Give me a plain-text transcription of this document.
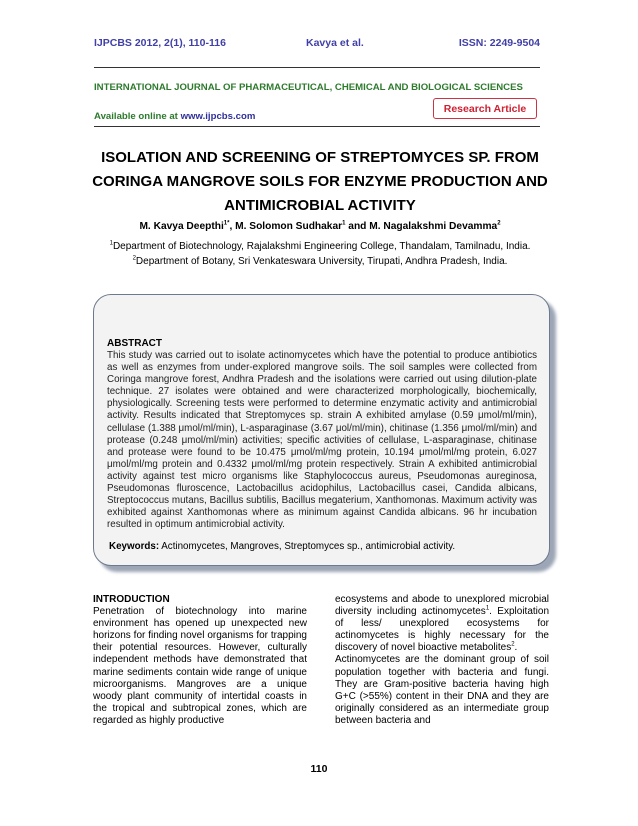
IJPCBS 2012, 2(1), 110-116	Kavya et al.	ISSN: 2249-9504
INTERNATIONAL JOURNAL OF PHARMACEUTICAL, CHEMICAL AND BIOLOGICAL SCIENCES
Available online at www.ijpcbs.com
Research Article
ISOLATION AND SCREENING OF STREPTOMYCES SP. FROM CORINGA MANGROVE SOILS FOR ENZYME PRODUCTION AND ANTIMICROBIAL ACTIVITY
M. Kavya Deepthi$^{1*}$, M. Solomon Sudhakar$^1$ and M. Nagalakshmi Devamma$^2$
$^1$Department of Biotechnology, Rajalakshmi Engineering College, Thandalam, Tamilnadu, India.
$^2$Department of Botany, Sri Venkateswara University, Tirupati, Andhra Pradesh, India.
ABSTRACT
This study was carried out to isolate actinomycetes which have the potential to produce antibiotics as well as enzymes from under-explored mangrove soils. The soil samples were collected from Coringa mangrove forest, Andhra Pradesh and the isolations were carried out using dilution-plate technique. 27 isolates were obtained and were characterized morphologically, biochemically, physiologically. Screening tests were performed to determine enzymatic activity and antimicrobial activity. Results indicated that Streptomyces sp. strain A exhibited amylase (0.59 μmol/ml/min), cellulase (1.388 μmol/ml/min), L-asparaginase (3.67 μol/ml/min), chitinase (1.356 μmol/ml/min) and protease (0.248 μmol/ml/min) activities; specific activities of cellulase, L-asparaginase, chitinase and protease were found to be 10.475 μmol/ml/mg protein, 10.194 μmol/ml/mg protein, 6.027 μmol/ml/mg protein and 0.4332 μmol/ml/mg protein respectively. Strain A exhibited antimicrobial activity against test micro organisms like Staphylococcus aureus, Pseudomonas aureginosa, Pseudomonas fluroscence, Lactobacillus acidophilus, Lactobacillus casei, Candida albicans, Streptococcus mutans, Bacillus subtilis, Bacillus megaterium, Xanthomonas. Maximum activity was exhibited against Xanthomonas where as minimum against Candida albicans. 96 hr incubation resulted in optimum antimicrobial activity.
Keywords: Actinomycetes, Mangroves, Streptomyces sp., antimicrobial activity.
INTRODUCTION

Penetration of biotechnology into marine environment has opened up unexpected new horizons for finding novel organisms for trapping their potential resources. However, culturally independent methods have demonstrated that marine sediments contain wide range of unique microorganisms. Mangroves are a unique woody plant community of intertidal coasts in the tropical and subtropical zones, which are regarded as highly productive

ecosystems and abode to unexplored microbial diversity including actinomycetes$^1$. Exploitation of less/ unexplored ecosystems for actinomycetes is highly necessary for the discovery of novel bioactive metabolites$^2$.

Actinomycetes are the dominant group of soil population together with bacteria and fungi. They are Gram-positive bacteria having high G+C (>55%) content in their DNA and they are originally considered as an intermediate group between bacteria and

110
